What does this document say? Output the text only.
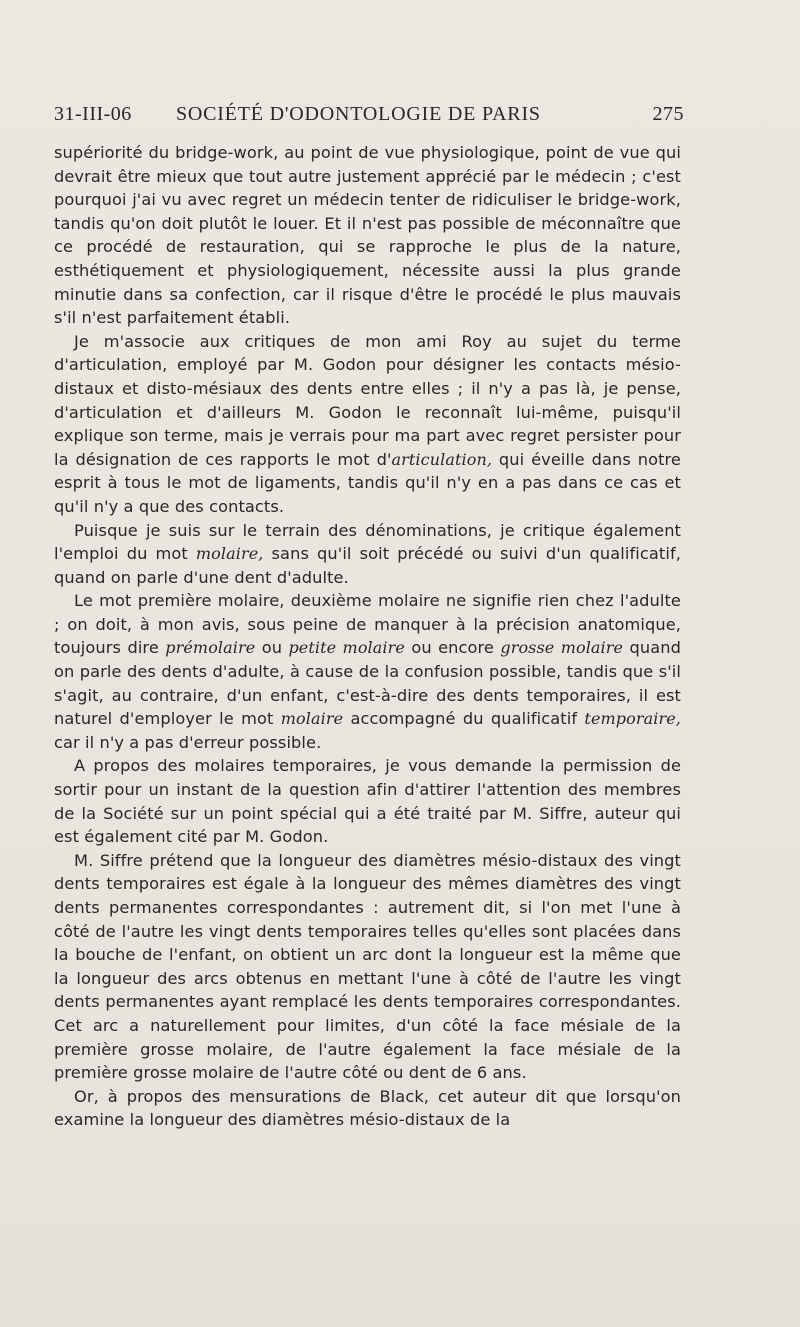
31-III-06 SOCIÉTÉ D'ODONTOLOGIE DE PARIS	275

supériorité du bridge-work, au point de vue physiologique, point de vue qui devrait être mieux que tout autre justement apprécié par le médecin ; c'est pourquoi j'ai vu avec regret un médecin tenter de ridiculiser le bridge-work, tandis qu'on doit plutôt le louer. Et il n'est pas possible de méconnaître que ce procédé de restauration, qui se rapproche le plus de la nature, esthétiquement et physiologiquement, nécessite aussi la plus grande minutie dans sa confection, car il risque d'être le procédé le plus mauvais s'il n'est parfaitement établi.

Je m'associe aux critiques de mon ami Roy au sujet du terme d'articulation, employé par M. Godon pour désigner les contacts mésio-distaux et disto-mésiaux des dents entre elles ; il n'y a pas là, je pense, d'articulation et d'ailleurs M. Godon le reconnaît lui-même, puisqu'il explique son terme, mais je verrais pour ma part avec regret persister pour la désignation de ces rapports le mot d'articulation, qui éveille dans notre esprit à tous le mot de ligaments, tandis qu'il n'y en a pas dans ce cas et qu'il n'y a que des contacts.

Puisque je suis sur le terrain des dénominations, je critique également l'emploi du mot molaire, sans qu'il soit précédé ou suivi d'un qualificatif, quand on parle d'une dent d'adulte.

Le mot première molaire, deuxième molaire ne signifie rien chez l'adulte ; on doit, à mon avis, sous peine de manquer à la précision anatomique, toujours dire prémolaire ou petite molaire ou encore grosse molaire quand on parle des dents d'adulte, à cause de la confusion possible, tandis que s'il s'agit, au contraire, d'un enfant, c'est-à-dire des dents temporaires, il est naturel d'employer le mot molaire accompagné du qualificatif temporaire, car il n'y a pas d'erreur possible.

A propos des molaires temporaires, je vous demande la permission de sortir pour un instant de la question afin d'attirer l'attention des membres de la Société sur un point spécial qui a été traité par M. Siffre, auteur qui est également cité par M. Godon.

M. Siffre prétend que la longueur des diamètres mésio-distaux des vingt dents temporaires est égale à la longueur des mêmes diamètres des vingt dents permanentes correspondantes : autrement dit, si l'on met l'une à côté de l'autre les vingt dents temporaires telles qu'elles sont placées dans la bouche de l'enfant, on obtient un arc dont la longueur est la même que la longueur des arcs obtenus en mettant l'une à côté de l'autre les vingt dents permanentes ayant remplacé les dents temporaires correspondantes. Cet arc a naturellement pour limites, d'un côté la face mésiale de la première grosse molaire, de l'autre également la face mésiale de la première grosse molaire de l'autre côté ou dent de 6 ans.

Or, à propos des mensurations de Black, cet auteur dit que lorsqu'on examine la longueur des diamètres mésio-distaux de la
